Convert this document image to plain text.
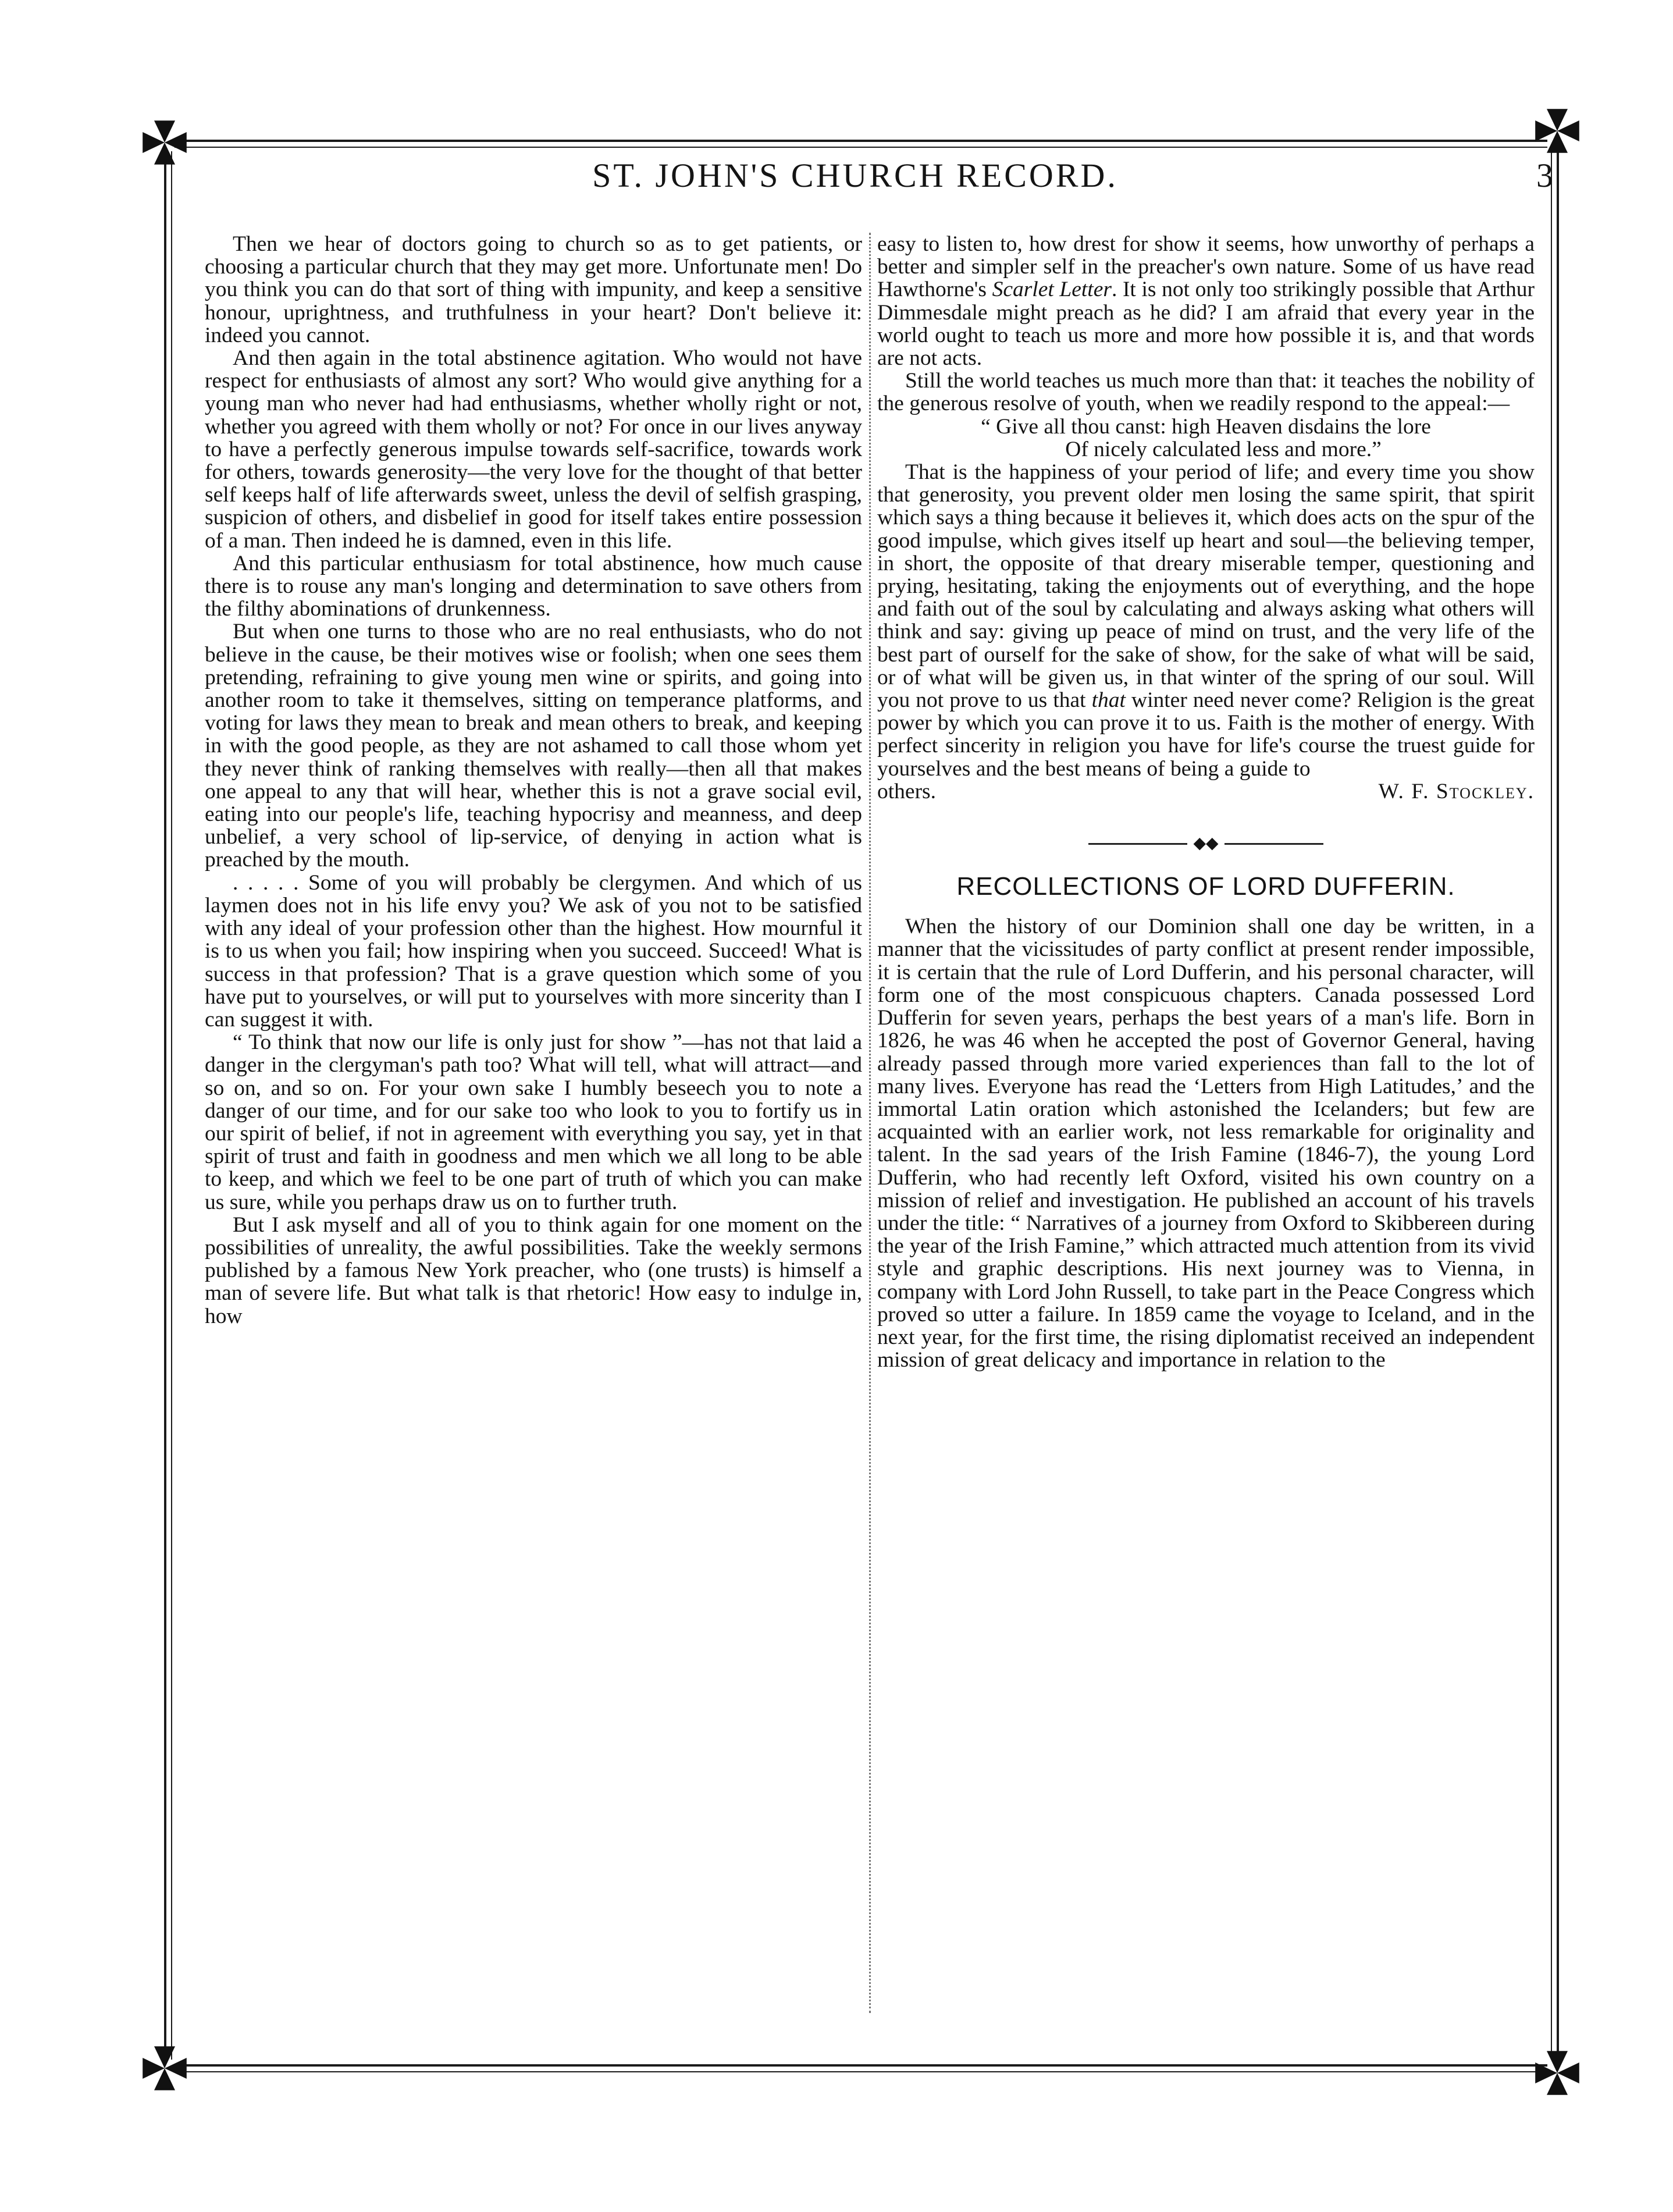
ST. JOHN'S CHURCH RECORD.	3

Then we hear of doctors going to church so as to get patients, or choosing a particular church that they may get more. Unfortunate men! Do you think you can do that sort of thing with impunity, and keep a sensitive honour, uprightness, and truthfulness in your heart? Don't believe it: indeed you cannot.

And then again in the total abstinence agitation. Who would not have respect for enthusiasts of almost any sort? Who would give anything for a young man who never had had enthusiasms, whether wholly right or not, whether you agreed with them wholly or not? For once in our lives anyway to have a perfectly generous impulse towards self-sacrifice, towards work for others, towards generosity—the very love for the thought of that better self keeps half of life afterwards sweet, unless the devil of selfish grasping, suspicion of others, and disbelief in good for itself takes entire possession of a man. Then indeed he is damned, even in this life.

And this particular enthusiasm for total abstinence, how much cause there is to rouse any man's longing and determination to save others from the filthy abominations of drunkenness.

But when one turns to those who are no real enthusiasts, who do not believe in the cause, be their motives wise or foolish; when one sees them pretending, refraining to give young men wine or spirits, and going into another room to take it themselves, sitting on temperance platforms, and voting for laws they mean to break and mean others to break, and keeping in with the good people, as they are not ashamed to call those whom yet they never think of ranking themselves with really—then all that makes one appeal to any that will hear, whether this is not a grave social evil, eating into our people's life, teaching hypocrisy and meanness, and deep unbelief, a very school of lip-service, of denying in action what is preached by the mouth.

. . . . . Some of you will probably be clergymen. And which of us laymen does not in his life envy you? We ask of you not to be satisfied with any ideal of your profession other than the highest. How mournful it is to us when you fail; how inspiring when you succeed. Succeed! What is success in that profession? That is a grave question which some of you have put to yourselves, or will put to yourselves with more sincerity than I can suggest it with.

“ To think that now our life is only just for show ”—has not that laid a danger in the clergyman's path too? What will tell, what will attract—and so on, and so on. For your own sake I humbly beseech you to note a danger of our time, and for our sake too who look to you to fortify us in our spirit of belief, if not in agreement with everything you say, yet in that spirit of trust and faith in goodness and men which we all long to be able to keep, and which we feel to be one part of truth of which you can make us sure, while you perhaps draw us on to further truth.

But I ask myself and all of you to think again for one moment on the possibilities of unreality, the awful possibilities. Take the weekly sermons published by a famous New York preacher, who (one trusts) is himself a man of severe life. But what talk is that rhetoric! How easy to indulge in, how

easy to listen to, how drest for show it seems, how unworthy of perhaps a better and simpler self in the preacher's own nature. Some of us have read Hawthorne's Scarlet Letter. It is not only too strikingly possible that Arthur Dimmesdale might preach as he did? I am afraid that every year in the world ought to teach us more and more how possible it is, and that words are not acts.

Still the world teaches us much more than that: it teaches the nobility of the generous resolve of youth, when we readily respond to the appeal:—

“ Give all thou canst: high Heaven disdains the lore

Of nicely calculated less and more.”

That is the happiness of your period of life; and every time you show that generosity, you prevent older men losing the same spirit, that spirit which says a thing because it believes it, which does acts on the spur of the good impulse, which gives itself up heart and soul—the believing temper, in short, the opposite of that dreary miserable temper, questioning and prying, hesitating, taking the enjoyments out of everything, and the hope and faith out of the soul by calculating and always asking what others will think and say: giving up peace of mind on trust, and the very life of the best part of ourself for the sake of show, for the sake of what will be said, or of what will be given us, in that winter of the spring of our soul. Will you not prove to us that that winter need never come? Religion is the great power by which you can prove it to us. Faith is the mother of energy. With perfect sincerity in religion you have for life's course the truest guide for yourselves and the best means of being a guide to

others.	W. F. Stockley.

◆◆
RECOLLECTIONS OF LORD DUFFERIN.

When the history of our Dominion shall one day be written, in a manner that the vicissitudes of party conflict at present render impossible, it is certain that the rule of Lord Dufferin, and his personal character, will form one of the most conspicuous chapters. Canada possessed Lord Dufferin for seven years, perhaps the best years of a man's life. Born in 1826, he was 46 when he accepted the post of Governor General, having already passed through more varied experiences than fall to the lot of many lives. Everyone has read the ‘Letters from High Latitudes,’ and the immortal Latin oration which astonished the Icelanders; but few are acquainted with an earlier work, not less remarkable for originality and talent. In the sad years of the Irish Famine (1846-7), the young Lord Dufferin, who had recently left Oxford, visited his own country on a mission of relief and investigation. He published an account of his travels under the title: “ Narratives of a journey from Oxford to Skibbereen during the year of the Irish Famine,” which attracted much attention from its vivid style and graphic descriptions. His next journey was to Vienna, in company with Lord John Russell, to take part in the Peace Congress which proved so utter a failure. In 1859 came the voyage to Iceland, and in the next year, for the first time, the rising diplomatist received an independent mission of great delicacy and importance in relation to the
